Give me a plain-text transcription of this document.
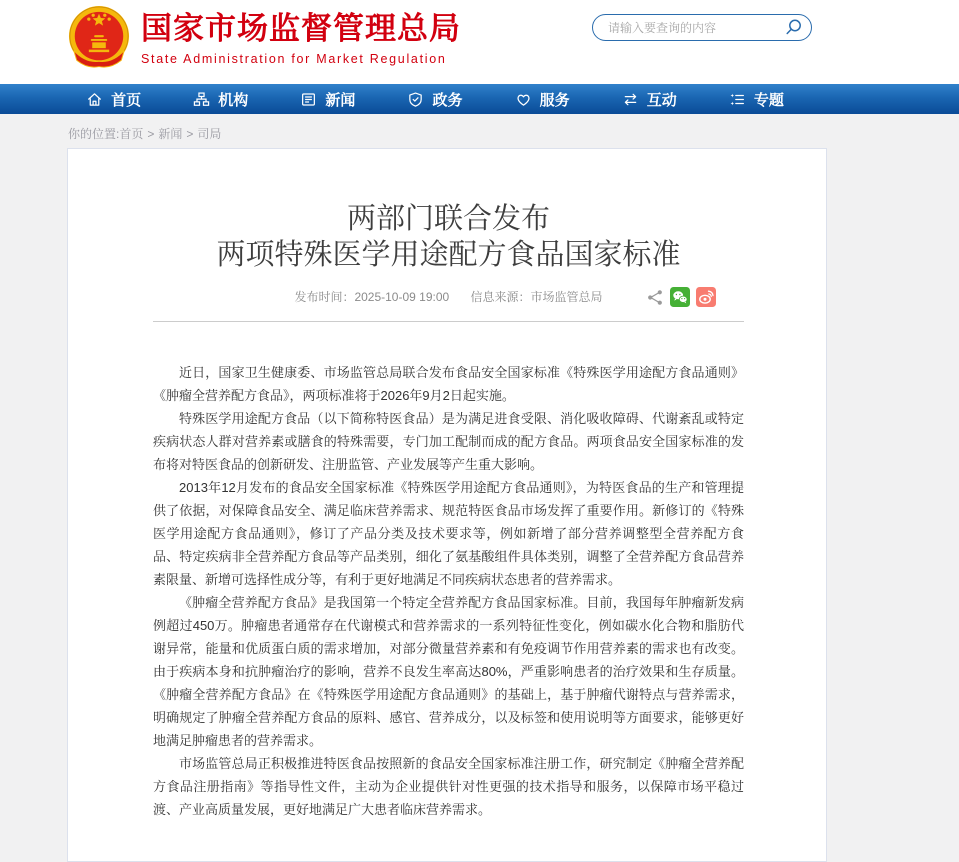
国家市场监督管理总局
State Administration for Market Regulation
请输入要查询的内容
首页	机构	新闻	政务	服务	互动	专题
你的位置:首页 > 新闻 > 司局
两部门联合发布
两项特殊医学用途配方食品国家标准
发布时间：2025-10-09 19:00 信息来源：市场监管总局

近日，国家卫生健康委、市场监管总局联合发布食品安全国家标准《特殊医学用途配方食品通则》《肿瘤全营养配方食品》，两项标准将于2026年9月2日起实施。

特殊医学用途配方食品（以下简称特医食品）是为满足进食受限、消化吸收障碍、代谢紊乱或特定疾病状态人群对营养素或膳食的特殊需要，专门加工配制而成的配方食品。两项食品安全国家标准的发布将对特医食品的创新研发、注册监管、产业发展等产生重大影响。

2013年12月发布的食品安全国家标准《特殊医学用途配方食品通则》，为特医食品的生产和管理提供了依据，对保障食品安全、满足临床营养需求、规范特医食品市场发挥了重要作用。新修订的《特殊医学用途配方食品通则》，修订了产品分类及技术要求等，例如新增了部分营养调整型全营养配方食品、特定疾病非全营养配方食品等产品类别，细化了氨基酸组件具体类别，调整了全营养配方食品营养素限量、新增可选择性成分等，有利于更好地满足不同疾病状态患者的营养需求。

《肿瘤全营养配方食品》是我国第一个特定全营养配方食品国家标准。目前，我国每年肿瘤新发病例超过450万。肿瘤患者通常存在代谢模式和营养需求的一系列特征性变化，例如碳水化合物和脂肪代谢异常，能量和优质蛋白质的需求增加，对部分微量营养素和有免疫调节作用营养素的需求也有改变。由于疾病本身和抗肿瘤治疗的影响，营养不良发生率高达80%，严重影响患者的治疗效果和生存质量。《肿瘤全营养配方食品》在《特殊医学用途配方食品通则》的基础上，基于肿瘤代谢特点与营养需求，明确规定了肿瘤全营养配方食品的原料、感官、营养成分，以及标签和使用说明等方面要求，能够更好地满足肿瘤患者的营养需求。

市场监管总局正积极推进特医食品按照新的食品安全国家标准注册工作，研究制定《肿瘤全营养配方食品注册指南》等指导性文件，主动为企业提供针对性更强的技术指导和服务，以保障市场平稳过渡、产业高质量发展，更好地满足广大患者临床营养需求。
